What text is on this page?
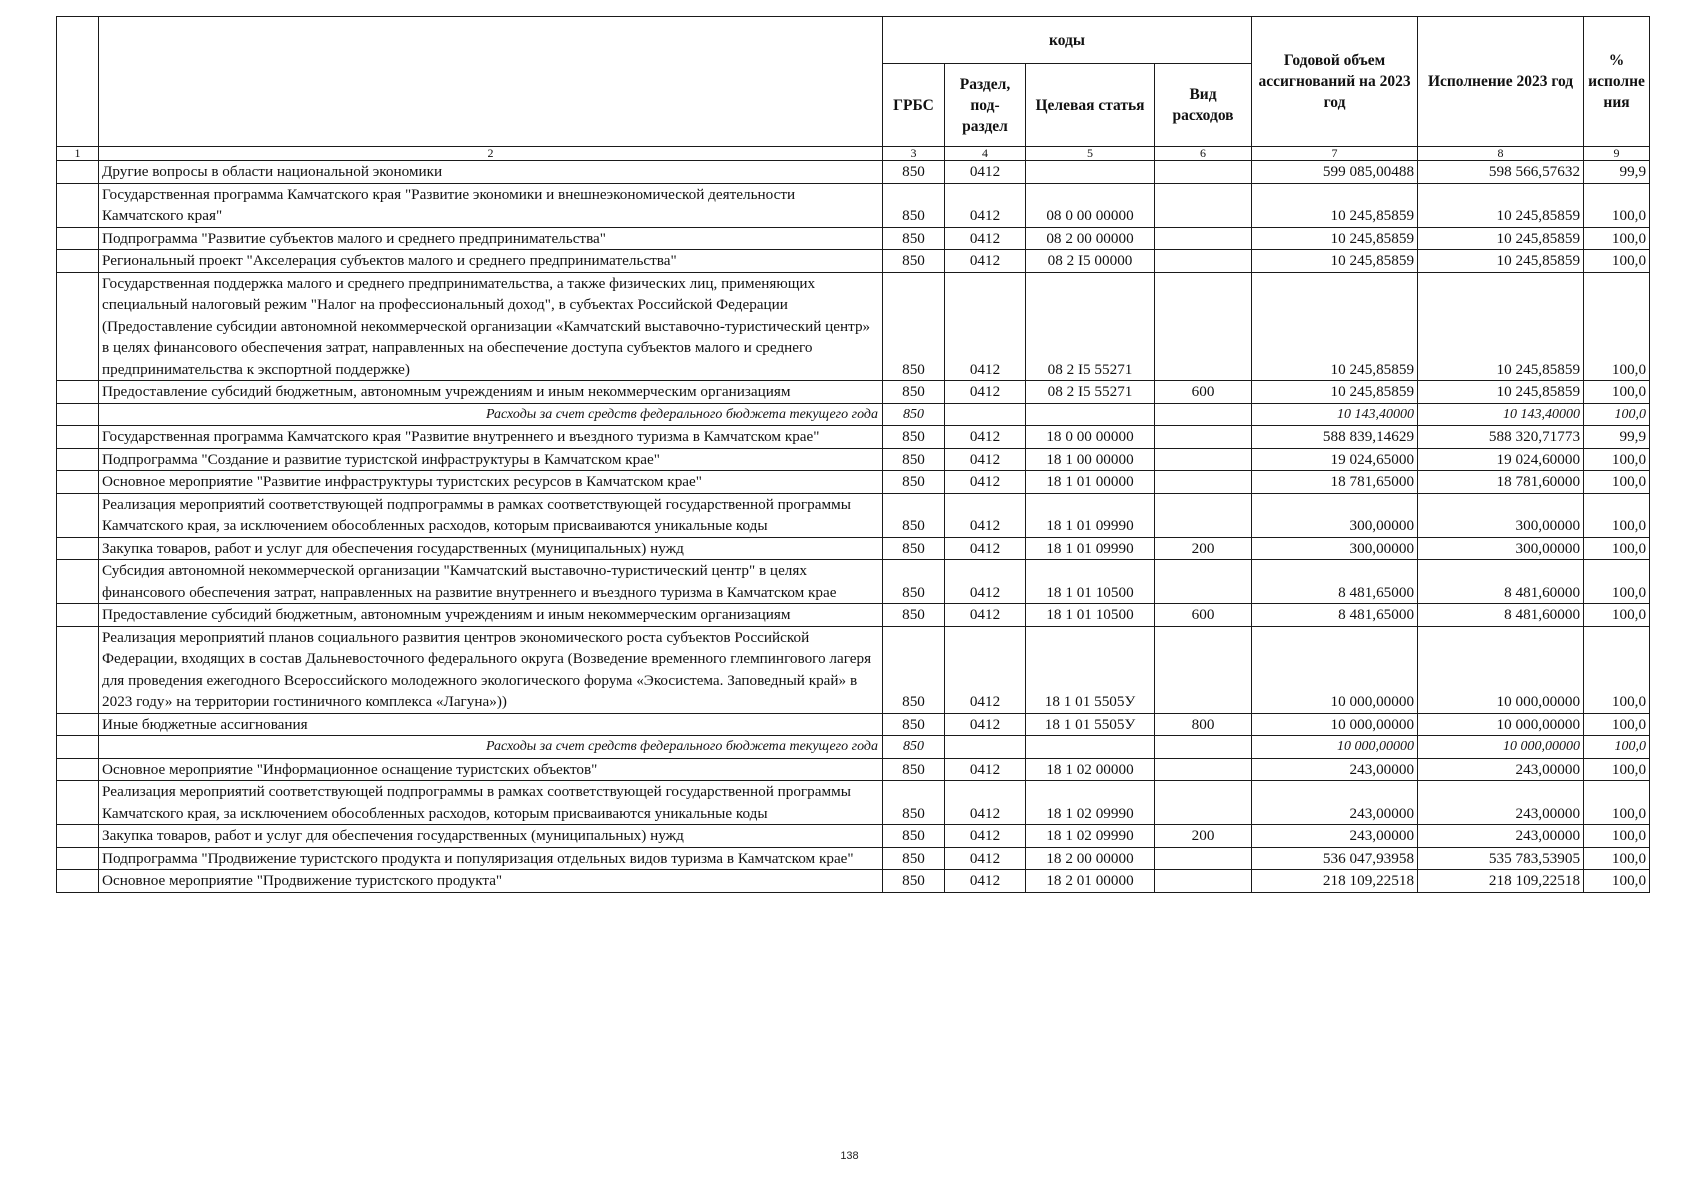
		коды				Годовой объем ассигнований на 2023 год	Исполнение 2023 год	% исполне ния
		ГРБС	Раздел, под-раздел	Целевая статья	Вид расходов			
1	2	3	4	5	6	7	8	9
	Другие вопросы в области национальной экономики	850	0412			599 085,00488	598 566,57632	99,9
	Государственная программа Камчатского края "Развитие экономики и внешнеэкономической деятельности Камчатского края"	850	0412	08 0 00 00000		10 245,85859	10 245,85859	100,0
	Подпрограмма "Развитие субъектов малого и среднего предпринимательства"	850	0412	08 2 00 00000		10 245,85859	10 245,85859	100,0
	Региональный проект "Акселерация субъектов малого и среднего предпринимательства"	850	0412	08 2 I5 00000		10 245,85859	10 245,85859	100,0
	Государственная поддержка малого и среднего предпринимательства, а также физических лиц, применяющих специальный налоговый режим "Налог на профессиональный доход", в субъектах Российской Федерации (Предоставление субсидии автономной некоммерческой организации «Камчатский выставочно-туристический центр» в целях финансового обеспечения затрат, направленных на обеспечение доступа субъектов малого и среднего предпринимательства к экспортной поддержке)	850	0412	08 2 I5 55271		10 245,85859	10 245,85859	100,0
	Предоставление субсидий бюджетным, автономным учреждениям и иным некоммерческим организациям	850	0412	08 2 I5 55271	600	10 245,85859	10 245,85859	100,0
	Расходы за счет средств федерального бюджета текущего года	850				10 143,40000	10 143,40000	100,0
	Государственная программа Камчатского края "Развитие внутреннего и въездного туризма в Камчатском крае"	850	0412	18 0 00 00000		588 839,14629	588 320,71773	99,9
	Подпрограмма "Создание и развитие туристской инфраструктуры в Камчатском крае"	850	0412	18 1 00 00000		19 024,65000	19 024,60000	100,0
	Основное мероприятие "Развитие инфраструктуры туристских ресурсов в Камчатском крае"	850	0412	18 1 01 00000		18 781,65000	18 781,60000	100,0
	Реализация мероприятий соответствующей подпрограммы в рамках соответствующей государственной программы Камчатского края, за исключением обособленных расходов, которым присваиваются уникальные коды	850	0412	18 1 01 09990		300,00000	300,00000	100,0
	Закупка товаров, работ и услуг для обеспечения государственных (муниципальных) нужд	850	0412	18 1 01 09990	200	300,00000	300,00000	100,0
	Субсидия автономной некоммерческой организации "Камчатский выставочно-туристический центр" в целях финансового обеспечения затрат, направленных на развитие внутреннего и въездного туризма в Камчатском крае	850	0412	18 1 01 10500		8 481,65000	8 481,60000	100,0
	Предоставление субсидий бюджетным, автономным учреждениям и иным некоммерческим организациям	850	0412	18 1 01 10500	600	8 481,65000	8 481,60000	100,0
	Реализация мероприятий планов социального развития центров экономического роста субъектов Российской Федерации, входящих в состав Дальневосточного федерального округа (Возведение временного глемпингового лагеря для проведения ежегодного Всероссийского молодежного экологического форума «Экосистема. Заповедный край» в 2023 году» на территории гостиничного комплекса «Лагуна»))	850	0412	18 1 01 5505У		10 000,00000	10 000,00000	100,0
	Иные бюджетные ассигнования	850	0412	18 1 01 5505У	800	10 000,00000	10 000,00000	100,0
	Расходы за счет средств федерального бюджета текущего года	850				10 000,00000	10 000,00000	100,0
	Основное мероприятие "Информационное оснащение туристских объектов"	850	0412	18 1 02 00000		243,00000	243,00000	100,0
	Реализация мероприятий соответствующей подпрограммы в рамках соответствующей государственной программы Камчатского края, за исключением обособленных расходов, которым присваиваются уникальные коды	850	0412	18 1 02 09990		243,00000	243,00000	100,0
	Закупка товаров, работ и услуг для обеспечения государственных (муниципальных) нужд	850	0412	18 1 02 09990	200	243,00000	243,00000	100,0
	Подпрограмма "Продвижение туристского продукта и популяризация отдельных видов туризма в Камчатском крае"	850	0412	18 2 00 00000		536 047,93958	535 783,53905	100,0
	Основное мероприятие "Продвижение туристского продукта"	850	0412	18 2 01 00000		218 109,22518	218 109,22518	100,0
138
